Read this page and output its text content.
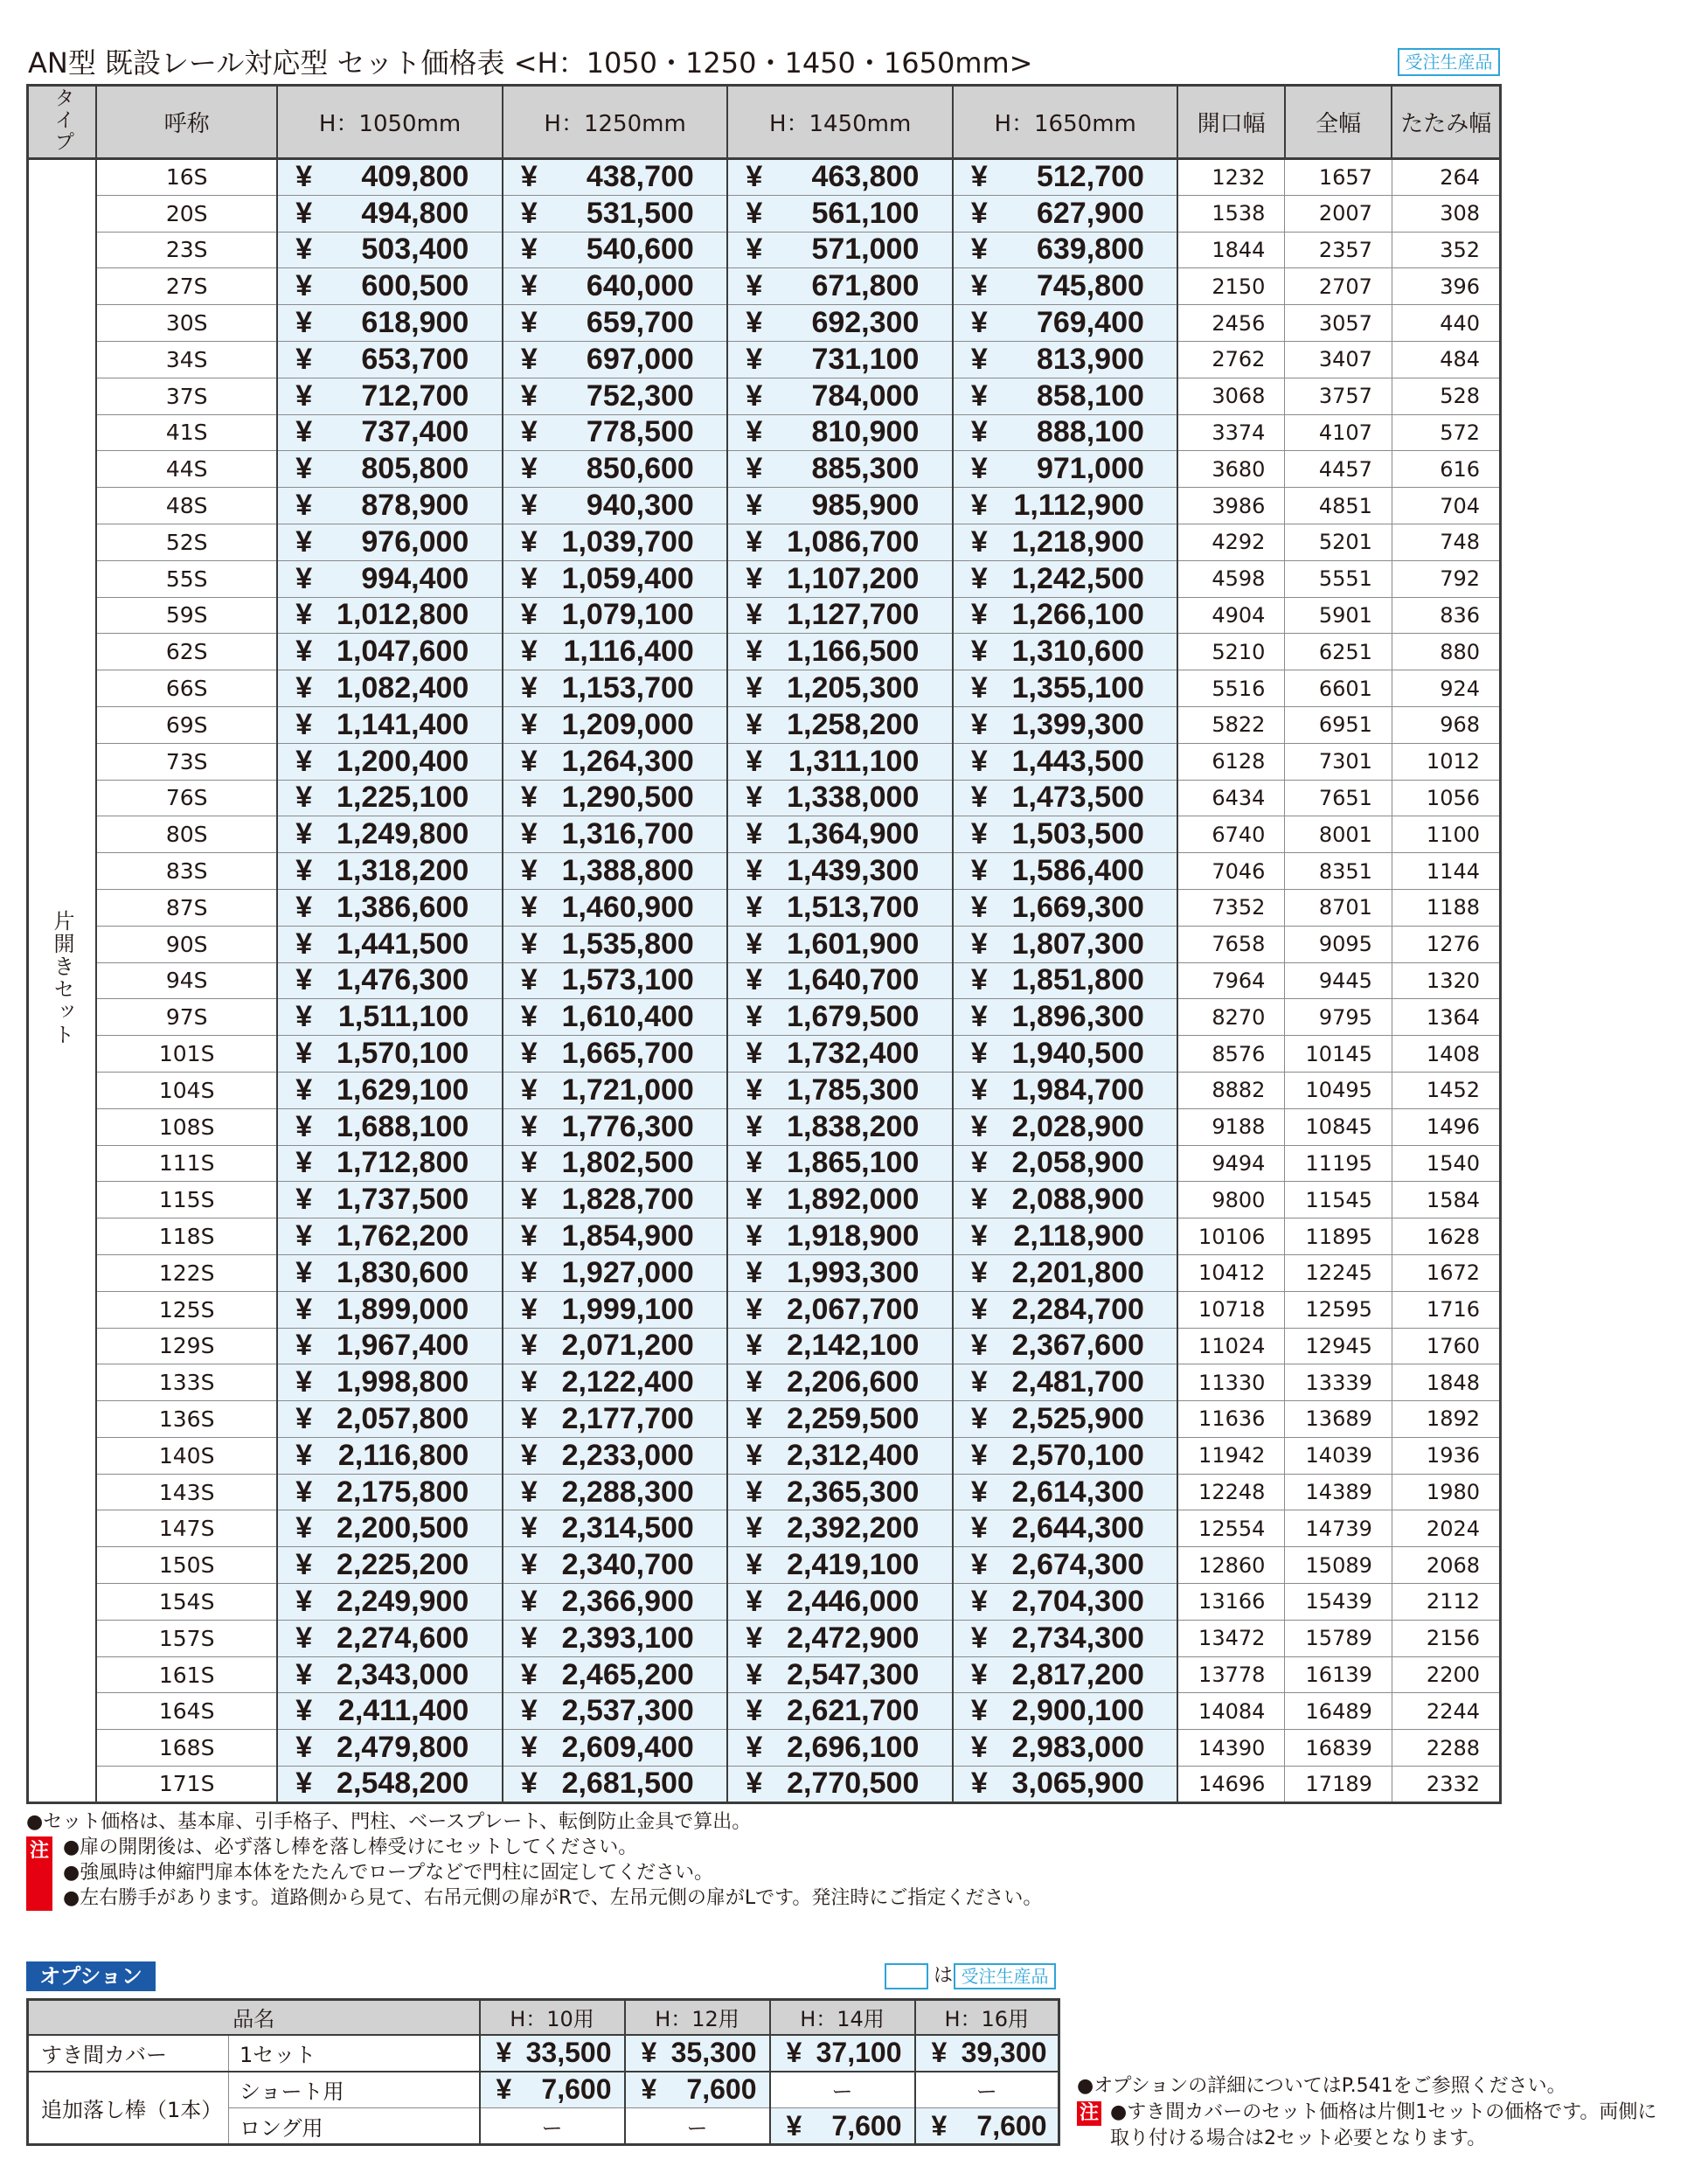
AN型 既設レール対応型 セット価格表 <H：1050・1250・1450・1650mm>	受注生産品
タイプ	呼称	H：1050mm	H：1250mm	H：1450mm	H：1650mm	開口幅	全幅	たたみ幅
片開きセット	16S	¥ 409,800	¥ 438,700	¥ 463,800	¥ 512,700	1232	1657	264
	20S	¥ 494,800	¥ 531,500	¥ 561,100	¥ 627,900	1538	2007	308
	23S	¥ 503,400	¥ 540,600	¥ 571,000	¥ 639,800	1844	2357	352
	27S	¥ 600,500	¥ 640,000	¥ 671,800	¥ 745,800	2150	2707	396
	30S	¥ 618,900	¥ 659,700	¥ 692,300	¥ 769,400	2456	3057	440
	34S	¥ 653,700	¥ 697,000	¥ 731,100	¥ 813,900	2762	3407	484
	37S	¥ 712,700	¥ 752,300	¥ 784,000	¥ 858,100	3068	3757	528
	41S	¥ 737,400	¥ 778,500	¥ 810,900	¥ 888,100	3374	4107	572
	44S	¥ 805,800	¥ 850,600	¥ 885,300	¥ 971,000	3680	4457	616
	48S	¥ 878,900	¥ 940,300	¥ 985,900	¥ 1,112,900	3986	4851	704
	52S	¥ 976,000	¥ 1,039,700	¥ 1,086,700	¥ 1,218,900	4292	5201	748
	55S	¥ 994,400	¥ 1,059,400	¥ 1,107,200	¥ 1,242,500	4598	5551	792
	59S	¥ 1,012,800	¥ 1,079,100	¥ 1,127,700	¥ 1,266,100	4904	5901	836
	62S	¥ 1,047,600	¥ 1,116,400	¥ 1,166,500	¥ 1,310,600	5210	6251	880
	66S	¥ 1,082,400	¥ 1,153,700	¥ 1,205,300	¥ 1,355,100	5516	6601	924
	69S	¥ 1,141,400	¥ 1,209,000	¥ 1,258,200	¥ 1,399,300	5822	6951	968
	73S	¥ 1,200,400	¥ 1,264,300	¥ 1,311,100	¥ 1,443,500	6128	7301	1012
	76S	¥ 1,225,100	¥ 1,290,500	¥ 1,338,000	¥ 1,473,500	6434	7651	1056
	80S	¥ 1,249,800	¥ 1,316,700	¥ 1,364,900	¥ 1,503,500	6740	8001	1100
	83S	¥ 1,318,200	¥ 1,388,800	¥ 1,439,300	¥ 1,586,400	7046	8351	1144
	87S	¥ 1,386,600	¥ 1,460,900	¥ 1,513,700	¥ 1,669,300	7352	8701	1188
	90S	¥ 1,441,500	¥ 1,535,800	¥ 1,601,900	¥ 1,807,300	7658	9095	1276
	94S	¥ 1,476,300	¥ 1,573,100	¥ 1,640,700	¥ 1,851,800	7964	9445	1320
	97S	¥ 1,511,100	¥ 1,610,400	¥ 1,679,500	¥ 1,896,300	8270	9795	1364
	101S	¥ 1,570,100	¥ 1,665,700	¥ 1,732,400	¥ 1,940,500	8576	10145	1408
	104S	¥ 1,629,100	¥ 1,721,000	¥ 1,785,300	¥ 1,984,700	8882	10495	1452
	108S	¥ 1,688,100	¥ 1,776,300	¥ 1,838,200	¥ 2,028,900	9188	10845	1496
	111S	¥ 1,712,800	¥ 1,802,500	¥ 1,865,100	¥ 2,058,900	9494	11195	1540
	115S	¥ 1,737,500	¥ 1,828,700	¥ 1,892,000	¥ 2,088,900	9800	11545	1584
	118S	¥ 1,762,200	¥ 1,854,900	¥ 1,918,900	¥ 2,118,900	10106	11895	1628
	122S	¥ 1,830,600	¥ 1,927,000	¥ 1,993,300	¥ 2,201,800	10412	12245	1672
	125S	¥ 1,899,000	¥ 1,999,100	¥ 2,067,700	¥ 2,284,700	10718	12595	1716
	129S	¥ 1,967,400	¥ 2,071,200	¥ 2,142,100	¥ 2,367,600	11024	12945	1760
	133S	¥ 1,998,800	¥ 2,122,400	¥ 2,206,600	¥ 2,481,700	11330	13339	1848
	136S	¥ 2,057,800	¥ 2,177,700	¥ 2,259,500	¥ 2,525,900	11636	13689	1892
	140S	¥ 2,116,800	¥ 2,233,000	¥ 2,312,400	¥ 2,570,100	11942	14039	1936
	143S	¥ 2,175,800	¥ 2,288,300	¥ 2,365,300	¥ 2,614,300	12248	14389	1980
	147S	¥ 2,200,500	¥ 2,314,500	¥ 2,392,200	¥ 2,644,300	12554	14739	2024
	150S	¥ 2,225,200	¥ 2,340,700	¥ 2,419,100	¥ 2,674,300	12860	15089	2068
	154S	¥ 2,249,900	¥ 2,366,900	¥ 2,446,000	¥ 2,704,300	13166	15439	2112
	157S	¥ 2,274,600	¥ 2,393,100	¥ 2,472,900	¥ 2,734,300	13472	15789	2156
	161S	¥ 2,343,000	¥ 2,465,200	¥ 2,547,300	¥ 2,817,200	13778	16139	2200
	164S	¥ 2,411,400	¥ 2,537,300	¥ 2,621,700	¥ 2,900,100	14084	16489	2244
	168S	¥ 2,479,800	¥ 2,609,400	¥ 2,696,100	¥ 2,983,000	14390	16839	2288
	171S	¥ 2,548,200	¥ 2,681,500	¥ 2,770,500	¥ 3,065,900	14696	17189	2332
●セット価格は、基本扉、引手格子、門柱、ベースプレート、転倒防止金具で算出。
注 ●扉の開閉後は、必ず落し棒を落し棒受けにセットしてください。
●強風時は伸縮門扉本体をたたんでロープなどで門柱に固定してください。
●左右勝手があります。道路側から見て、右吊元側の扉がRで、左吊元側の扉がLです。発注時にご指定ください。
オプション	は 受注生産品
品名		H：10用	H：12用	H：14用	H：16用
すき間カバー	1セット	¥ 33,500	¥ 35,300	¥ 37,100	¥ 39,300
追加落し棒（1本）	ショート用	¥ 7,600	¥ 7,600	ー	ー
	ロング用	ー	ー	¥ 7,600	¥ 7,600
●オプションの詳細についてはP.541をご参照ください。
注 ●すき間カバーのセット価格は片側1セットの価格です。両側に
取り付ける場合は2セット必要となります。
